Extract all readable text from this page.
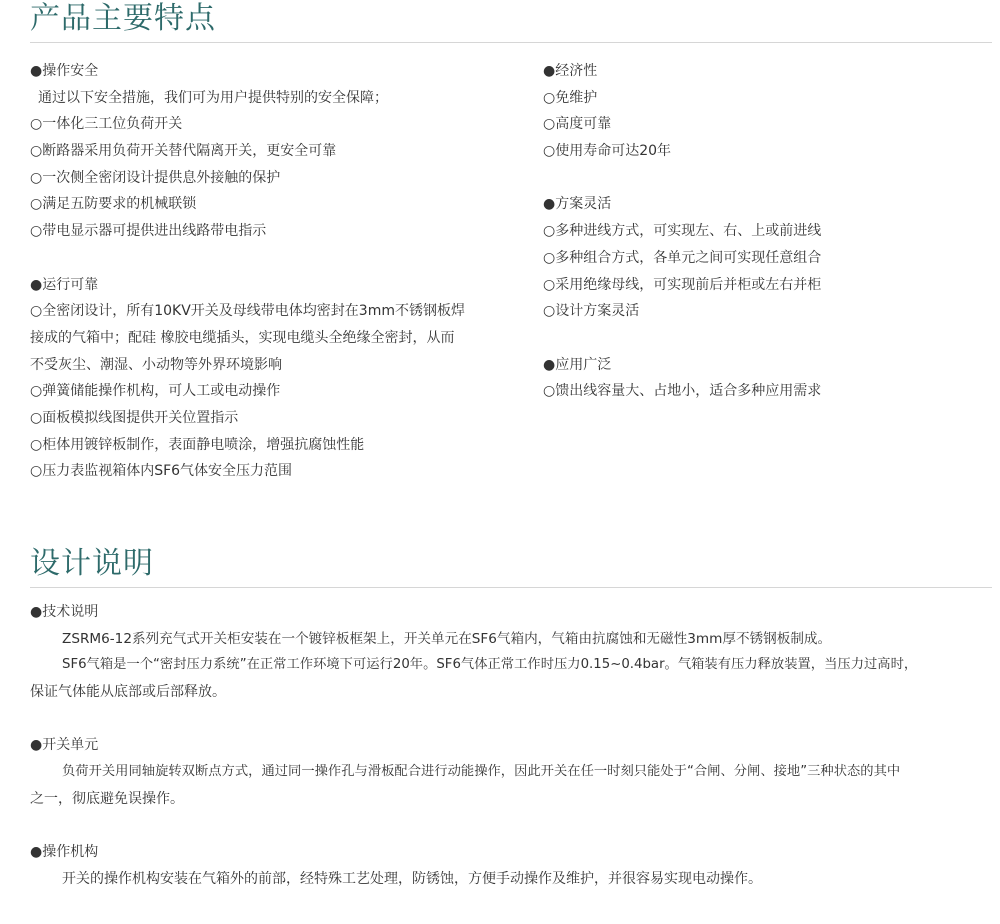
产品主要特点
●操作安全
通过以下安全措施，我们可为用户提供特别的安全保障；
○一体化三工位负荷开关
○断路器采用负荷开关替代隔离开关，更安全可靠
○一次侧全密闭设计提供息外接触的保护
○满足五防要求的机械联锁
○带电显示器可提供进出线路带电指示
●运行可靠
○全密闭设计，所有10KV开关及母线带电体均密封在3mm不锈钢板焊
接成的气箱中；配硅 橡胶电缆插头，实现电缆头全绝缘全密封，从而
不受灰尘、潮湿、小动物等外界环境影响
○弹簧储能操作机构，可人工或电动操作
○面板模拟线图提供开关位置指示
○柜体用镀锌板制作，表面静电喷涂，增强抗腐蚀性能
○压力表监视箱体内SF6气体安全压力范围
●经济性
○免维护
○高度可靠
○使用寿命可达20年
●方案灵活
○多种进线方式，可实现左、右、上或前进线
○多种组合方式，各单元之间可实现任意组合
○采用绝缘母线，可实现前后并柜或左右并柜
○设计方案灵活
●应用广泛
○馈出线容量大、占地小，适合多种应用需求
设计说明
●技术说明
ZSRM6-12系列充气式开关柜安装在一个镀锌板框架上，开关单元在SF6气箱内，气箱由抗腐蚀和无磁性3mm厚不锈钢板制成。
SF6气箱是一个“密封压力系统”在正常工作环境下可运行20年。SF6气体正常工作时压力0.15~0.4bar。气箱装有压力释放装置，当压力过高时，
保证气体能从底部或后部释放。
●开关单元
负荷开关用同轴旋转双断点方式，通过同一操作孔与滑板配合进行动能操作，因此开关在任一时刻只能处于“合闸、分闸、接地”三种状态的其中
之一，彻底避免误操作。
●操作机构
开关的操作机构安装在气箱外的前部，经特殊工艺处理，防锈蚀，方便手动操作及维护，并很容易实现电动操作。
